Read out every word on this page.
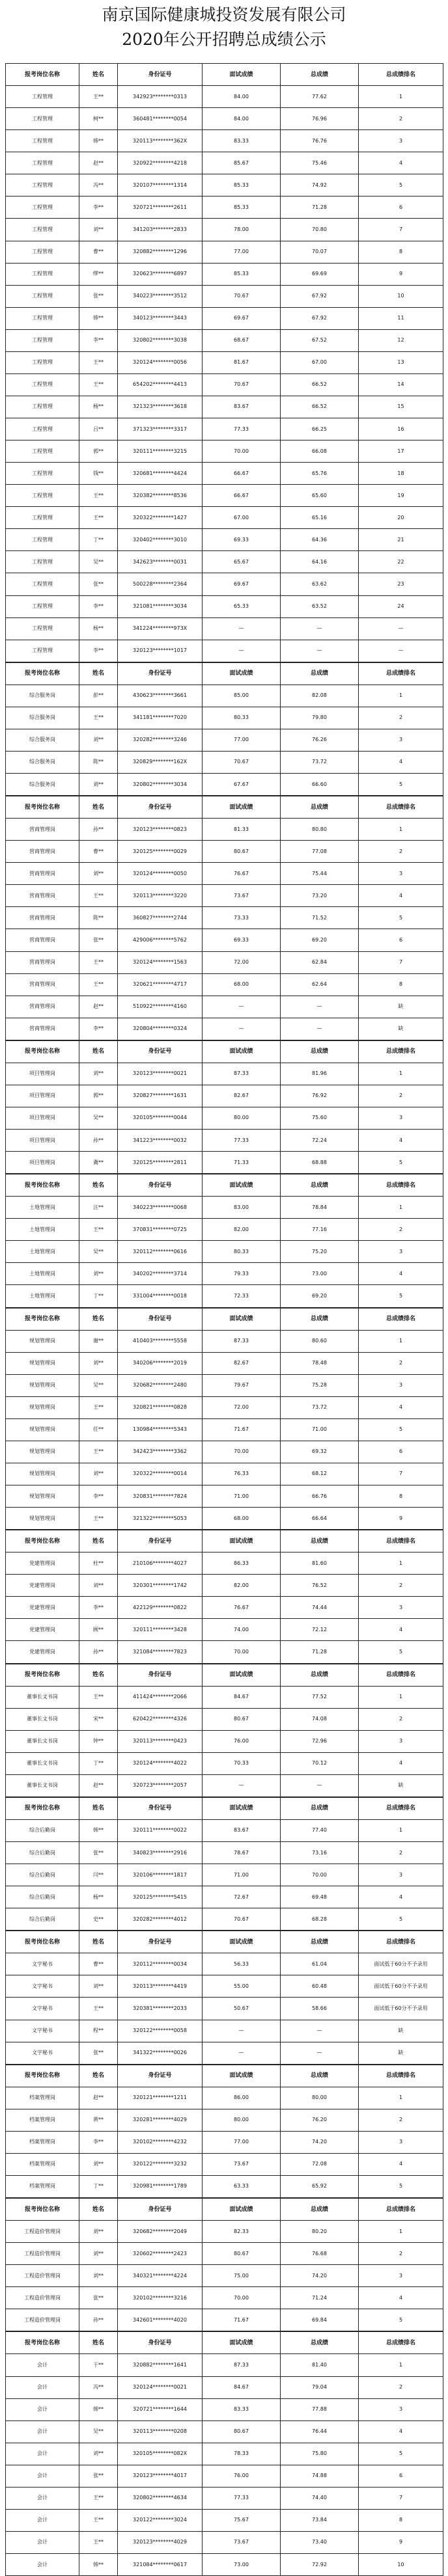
南京国际健康城投资发展有限公司
2020年公开招聘总成绩公示
报考岗位名称	姓名	身份证号	面试成绩	总成绩	总成绩排名
工程管理	王**	342923********0313	84.00	77.62	1
工程管理	柯**	360481********0054	84.00	76.96	2
工程管理	韩**	320113********362X	83.33	76.76	3
工程管理	赵**	320922********4218	85.67	75.46	4
工程管理	冯**	320107********1314	85.33	74.92	5
工程管理	李**	320721********2611	85.33	71.28	6
工程管理	刘**	341203********2833	78.00	70.80	7
工程管理	曹**	320882********1296	77.00	70.07	8
工程管理	缪**	320623********6897	85.33	69.69	9
工程管理	张**	340223********3512	70.67	67.92	10
工程管理	韩**	340123********3443	69.67	67.92	11
工程管理	李**	320802********3038	68.67	67.52	12
工程管理	王**	320124********0056	81.67	67.00	13
工程管理	王**	654202********4413	70.67	66.52	14
工程管理	杨**	321323********3618	83.67	66.52	15
工程管理	吕**	371323********3317	77.33	66.25	16
工程管理	郭**	320111********3215	70.00	66.08	17
工程管理	钱**	320681********4424	66.67	65.76	18
工程管理	王**	320382********8536	66.67	65.60	19
工程管理	王**	320322********1427	67.00	65.16	20
工程管理	丁**	320402********3010	69.33	64.36	21
工程管理	吴**	342623********0031	65.67	64.16	22
工程管理	张**	500228********2364	69.67	63.62	23
工程管理	李**	321081********3034	65.33	63.52	24
工程管理	杨**	341224********973X	—	—	—
工程管理	李**	320123********1017	—	—	—
报考岗位名称	姓名	身份证号	面试成绩	总成绩	总成绩排名
综合服务岗	彭**	430623********3661	85.00	82.08	1
综合服务岗	王**	341181********7020	80.33	79.80	2
综合服务岗	刘**	320282********3246	77.00	76.26	3
综合服务岗	陈**	320829********162X	70.67	73.72	4
综合服务岗	刘**	320802********3034	67.67	66.60	5
报考岗位名称	姓名	身份证号	面试成绩	总成绩	总成绩排名
营商管理岗	孙**	320123********0823	81.33	80.80	1
营商管理岗	曹**	320125********0029	80.67	77.08	2
营商管理岗	刘**	320124********0050	76.67	75.44	3
营商管理岗	王**	320113********3220	73.67	73.20	4
营商管理岗	陈**	360827********2744	73.33	71.52	5
营商管理岗	张**	429006********5762	69.33	69.20	6
营商管理岗	王**	320124********1563	72.00	62.84	7
营商管理岗	王**	320621********4717	68.00	62.64	8
营商管理岗	赵**	510922********4160	—	—	缺
营商管理岗	李**	320804********0324	—	—	缺
报考岗位名称	姓名	身份证号	面试成绩	总成绩	总成绩排名
项目管理岗	刘**	320123********0021	87.33	81.96	1
项目管理岗	郭**	320827********1631	82.67	76.92	2
项目管理岗	吴**	320105********0044	80.00	75.60	3
项目管理岗	孙**	341223********0032	77.33	72.24	4
项目管理岗	冀**	320125********2811	71.33	68.88	5
报考岗位名称	姓名	身份证号	面试成绩	总成绩	总成绩排名
土地管理岗	汪**	340223********0068	83.00	78.84	1
土地管理岗	王**	370831********0725	82.00	77.16	2
土地管理岗	吴**	320112********0616	80.33	75.20	3
土地管理岗	刘**	340202********3714	79.33	73.00	4
土地管理岗	丁**	331004********0018	72.33	69.20	5
报考岗位名称	姓名	身份证号	面试成绩	总成绩	总成绩排名
规划管理岗	谢**	410403********5558	87.33	80.60	1
规划管理岗	刘**	340206********2019	82.67	78.48	2
规划管理岗	吴**	320682********2480	79.67	75.28	3
规划管理岗	王**	320821********0828	72.00	73.72	4
规划管理岗	任**	130984********5343	71.67	71.00	5
规划管理岗	王**	342423********3362	70.00	69.32	6
规划管理岗	刘**	320322********0014	76.33	68.12	7
规划管理岗	李**	320831********7824	71.00	66.76	8
规划管理岗	王**	321322********5053	68.00	66.64	9
报考岗位名称	姓名	身份证号	面试成绩	总成绩	总成绩排名
党建管理岗	杜**	210106********4027	86.33	81.60	1
党建管理岗	刘**	320301********1742	82.00	76.52	2
党建管理岗	李**	422129********0822	76.67	74.44	3
党建管理岗	顾**	320111********3428	74.00	72.12	4
党建管理岗	孙**	321084********7823	70.00	71.28	5
报考岗位名称	姓名	身份证号	面试成绩	总成绩	总成绩排名
董事长文书岗	王**	411424********2066	84.67	77.52	1
董事长文书岗	宋**	620422********4326	80.67	74.08	2
董事长文书岗	钟**	320113********0423	76.00	72.96	3
董事长文书岗	丁**	320124********4022	70.33	70.12	4
董事长文书岗	赵**	320723********2057	—	—	缺
报考岗位名称	姓名	身份证号	面试成绩	总成绩	总成绩排名
综合后勤岗	韩**	320111********0022	83.67	77.40	1
综合后勤岗	张**	340823********2916	78.67	73.16	2
综合后勤岗	闫**	320106********1817	71.00	70.00	3
综合后勤岗	杨**	320125********5415	72.67	69.48	4
综合后勤岗	史**	320282********4012	70.67	68.28	5
报考岗位名称	姓名	身份证号	面试成绩	总成绩	总成绩排名
文字秘书	曹**	320112********0034	56.33	61.04	面试低于60分不予录用
文字秘书	刘**	320113********4419	55.00	60.48	面试低于60分不予录用
文字秘书	王**	320381********2033	50.67	58.66	面试低于60分不予录用
文字秘书	程**	320122********0058	—	—	缺
文字秘书	张**	341322********0026	—	—	缺
报考岗位名称	姓名	身份证号	面试成绩	总成绩	总成绩排名
档案管理岗	赵**	320121********1211	86.00	80.00	1
档案管理岗	黄**	320281********4029	80.00	76.20	2
档案管理岗	李**	320102********4232	77.00	74.20	3
档案管理岗	刘**	320122********3232	73.67	72.08	4
档案管理岗	丁**	320981********1789	63.33	65.92	5
报考岗位名称	姓名	身份证号	面试成绩	总成绩	总成绩排名
工程造价管理岗	刘**	320682********2049	82.33	80.20	1
工程造价管理岗	刘**	320602********2423	80.67	76.68	2
工程造价管理岗	刘**	340321********4224	75.00	74.20	3
工程造价管理岗	张**	320102********3216	70.00	71.24	4
工程造价管理岗	孙**	342601********4020	71.67	69.84	5
报考岗位名称	姓名	身份证号	面试成绩	总成绩	总成绩排名
会计	于**	320882********1641	87.33	81.40	1
会计	冯**	320124********0021	84.67	79.04	2
会计	韩**	320721********1644	83.33	77.88	3
会计	吴**	320113********0208	80.67	76.44	4
会计	刘**	320105********082X	78.33	75.80	5
会计	张**	320123********4017	76.00	74.88	6
会计	王**	320802********4634	77.33	74.40	7
会计	王**	320122********3024	75.67	73.84	8
会计	王**	320123********4029	73.67	73.40	9
会计	韩**	321084********0617	73.00	72.92	10
